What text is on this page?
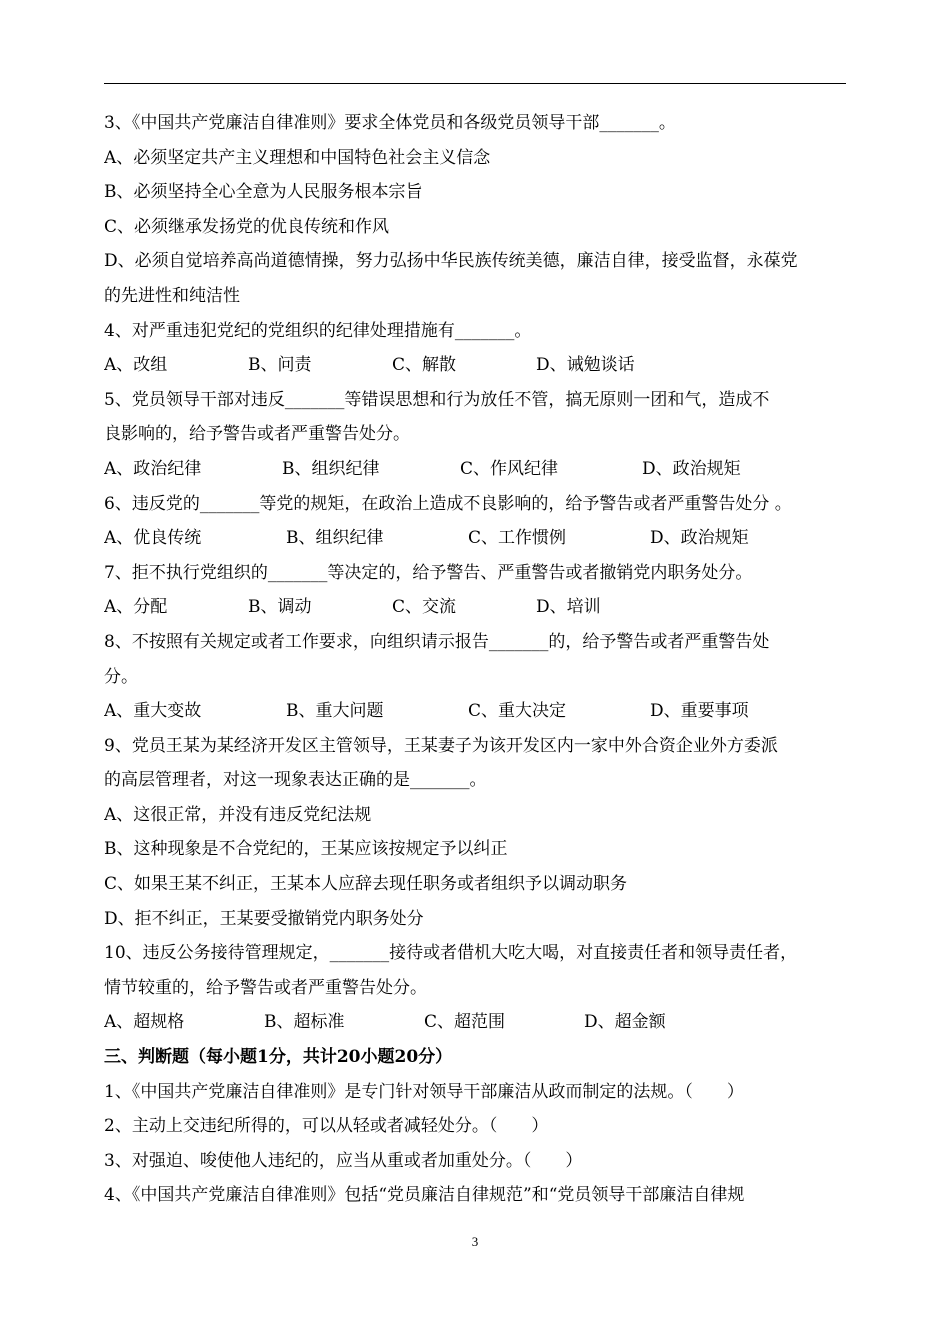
3、《中国共产党廉洁自律准则》要求全体党员和各级党员领导干部_______。
A、必须坚定共产主义理想和中国特色社会主义信念
B、必须坚持全心全意为人民服务根本宗旨
C、必须继承发扬党的优良传统和作风
D、必须自觉培养高尚道德情操，努力弘扬中华民族传统美德，廉洁自律，接受监督，永葆党
的先进性和纯洁性
4、对严重违犯党纪的党组织的纪律处理措施有_______。
A、改组	B、问责	C、解散	D、诫勉谈话
5、党员领导干部对违反_______等错误思想和行为放任不管，搞无原则一团和气，造成不
良影响的，给予警告或者严重警告处分。
A、政治纪律	B、组织纪律	C、作风纪律	D、政治规矩
6、违反党的_______等党的规矩，在政治上造成不良影响的，给予警告或者严重警告处分 。
A、优良传统	B、组织纪律	C、工作惯例	D、政治规矩
7、拒不执行党组织的_______等决定的，给予警告、严重警告或者撤销党内职务处分。
A、分配	B、调动	C、交流	D、培训
8、不按照有关规定或者工作要求，向组织请示报告_______的，给予警告或者严重警告处
分。
A、重大变故	B、重大问题	C、重大决定	D、重要事项
9、党员王某为某经济开发区主管领导，王某妻子为该开发区内一家中外合资企业外方委派
的高层管理者，对这一现象表达正确的是_______。
A、这很正常，并没有违反党纪法规
B、这种现象是不合党纪的，王某应该按规定予以纠正
C、如果王某不纠正，王某本人应辞去现任职务或者组织予以调动职务
D、拒不纠正，王某要受撤销党内职务处分
10、违反公务接待管理规定，_______接待或者借机大吃大喝，对直接责任者和领导责任者，
情节较重的，给予警告或者严重警告处分。
A、超规格	B、超标准	C、超范围	D、超金额
三、判断题（每小题1分，共计20小题20分）
1、《中国共产党廉洁自律准则》是专门针对领导干部廉洁从政而制定的法规。（　　）
2、主动上交违纪所得的，可以从轻或者减轻处分。（　　）
3、对强迫、唆使他人违纪的，应当从重或者加重处分。（　　）
4、《中国共产党廉洁自律准则》包括“党员廉洁自律规范”和“党员领导干部廉洁自律规
3
